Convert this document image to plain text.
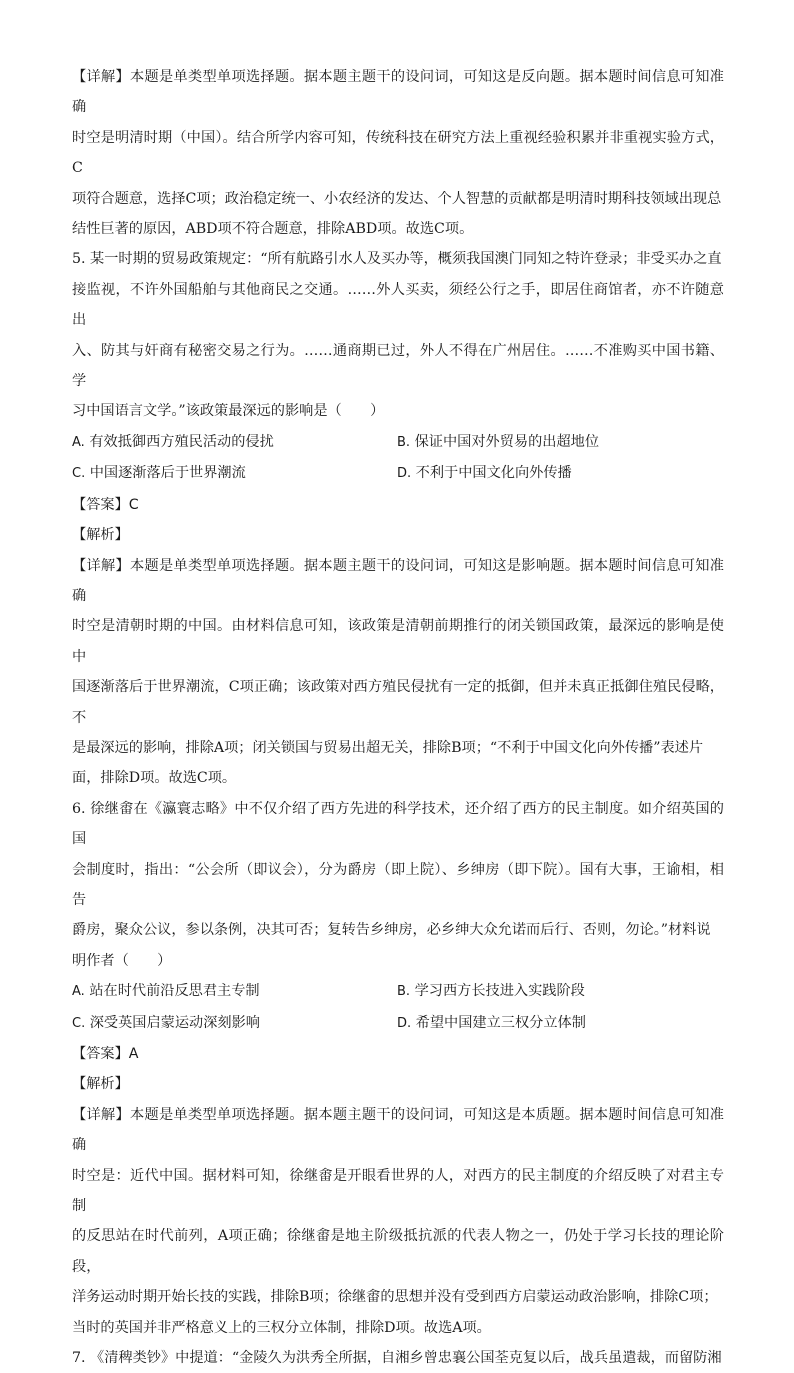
【详解】本题是单类型单项选择题。据本题主题干的设问词，可知这是反向题。据本题时间信息可知准确

时空是明清时期（中国）。结合所学内容可知，传统科技在研究方法上重视经验积累并非重视实验方式，C

项符合题意，选择C项；政治稳定统一、小农经济的发达、个人智慧的贡献都是明清时期科技领域出现总

结性巨著的原因，ABD项不符合题意，排除ABD项。故选C项。

5. 某一时期的贸易政策规定：“所有航路引水人及买办等，概须我国澳门同知之特许登录；非受买办之直

接监视，不许外国船舶与其他商民之交通。……外人买卖，须经公行之手，即居住商馆者，亦不许随意出

入、防其与奸商有秘密交易之行为。……通商期已过，外人不得在广州居住。……不准购买中国书籍、学

习中国语言文学。”该政策最深远的影响是（　　）

A. 有效抵御西方殖民活动的侵扰	B. 保证中国对外贸易的出超地位
C. 中国逐渐落后于世界潮流	D. 不利于中国文化向外传播

【答案】C

【解析】

【详解】本题是单类型单项选择题。据本题主题干的设问词，可知这是影响题。据本题时间信息可知准确

时空是清朝时期的中国。由材料信息可知，该政策是清朝前期推行的闭关锁国政策，最深远的影响是使中

国逐渐落后于世界潮流，C项正确；该政策对西方殖民侵扰有一定的抵御，但并未真正抵御住殖民侵略，不

是最深远的影响，排除A项；闭关锁国与贸易出超无关，排除B项；“不利于中国文化向外传播”表述片

面，排除D项。故选C项。

6. 徐继畬在《瀛寰志略》中不仅介绍了西方先进的科学技术，还介绍了西方的民主制度。如介绍英国的国

会制度时，指出：“公会所（即议会），分为爵房（即上院）、乡绅房（即下院）。国有大事，王谕相，相告

爵房，聚众公议，参以条例，决其可否；复转告乡绅房，必乡绅大众允诺而后行、否则，勿论。”材料说

明作者（　　）

A. 站在时代前沿反思君主专制	B. 学习西方长技进入实践阶段
C. 深受英国启蒙运动深刻影响	D. 希望中国建立三权分立体制

【答案】A

【解析】

【详解】本题是单类型单项选择题。据本题主题干的设问词，可知这是本质题。据本题时间信息可知准确

时空是：近代中国。据材料可知，徐继畬是开眼看世界的人，对西方的民主制度的介绍反映了对君主专制

的反思站在时代前列，A项正确；徐继畬是地主阶级抵抗派的代表人物之一，仍处于学习长技的理论阶段，

洋务运动时期开始长技的实践，排除B项；徐继畬的思想并没有受到西方启蒙运动政治影响，排除C项；

当时的英国并非严格意义上的三权分立体制，排除D项。故选A项。

7. 《清稗类钞》中提道：“金陵久为洪秀全所据，自湘乡曾忠襄公国荃克复以后，战兵虽遣裁，而留防湘
